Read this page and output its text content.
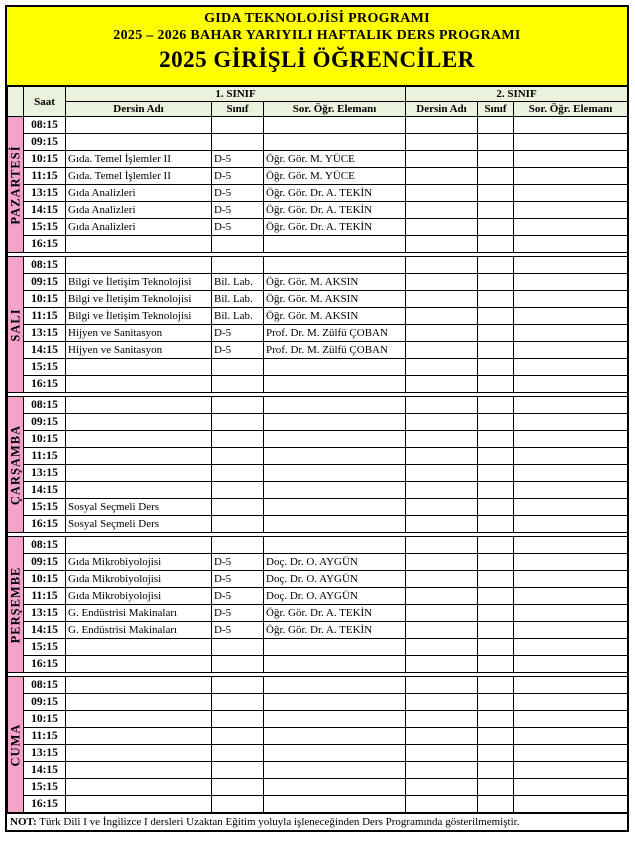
GIDA TEKNOLOJİSİ PROGRAMI
2025 – 2026 BAHAR YARIYILI HAFTALIK DERS PROGRAMI
2025 GİRİŞLİ ÖĞRENCİLER
	Saat	1. SINIF			2. SINIF		
		Dersin Adı	Sınıf	Sor. Öğr. Elemanı	Dersin Adı	Sınıf	Sor. Öğr. Elemanı

PAZARTESİ	08:15						
	09:15						
	10:15	Gıda. Temel İşlemler II	D-5	Öğr. Gör. M. YÜCE			
	11:15	Gıda. Temel İşlemler II	D-5	Öğr. Gör. M. YÜCE			
	13:15	Gıda Analizleri	D-5	Öğr. Gör. Dr. A. TEKİN			
	14:15	Gıda Analizleri	D-5	Öğr. Gör. Dr. A. TEKİN			
	15:15	Gıda Analizleri	D-5	Öğr. Gör. Dr. A. TEKİN			
	16:15						

SALI	08:15						
	09:15	Bilgi ve İletişim Teknolojisi	Bil. Lab.	Öğr. Gör. M. AKSIN			
	10:15	Bilgi ve İletişim Teknolojisi	Bil. Lab.	Öğr. Gör. M. AKSIN			
	11:15	Bilgi ve İletişim Teknolojisi	Bil. Lab.	Öğr. Gör. M. AKSIN			
	13:15	Hijyen ve Sanitasyon	D-5	Prof. Dr. M. Zülfü ÇOBAN			
	14:15	Hijyen ve Sanitasyon	D-5	Prof. Dr. M. Zülfü ÇOBAN			
	15:15						
	16:15						

ÇARŞAMBA	08:15						
	09:15						
	10:15						
	11:15						
	13:15						
	14:15						
	15:15	Sosyal Seçmeli Ders					
	16:15	Sosyal Seçmeli Ders					

PERŞEMBE	08:15						
	09:15	Gıda Mikrobiyolojisi	D-5	Doç. Dr. O. AYGÜN			
	10:15	Gıda Mikrobiyolojisi	D-5	Doç. Dr. O. AYGÜN			
	11:15	Gıda Mikrobiyolojisi	D-5	Doç. Dr. O. AYGÜN			
	13:15	G. Endüstrisi Makinaları	D-5	Öğr. Gör. Dr. A. TEKİN			
	14:15	G. Endüstrisi Makinaları	D-5	Öğr. Gör. Dr. A. TEKİN			
	15:15						
	16:15						

CUMA	08:15						
	09:15						
	10:15						
	11:15						
	13:15						
	14:15						
	15:15						
	16:15						
NOT: Türk Dili I ve İngilizce I dersleri Uzaktan Eğitim yoluyla işleneceğinden Ders Programında gösterilmemiştir.
